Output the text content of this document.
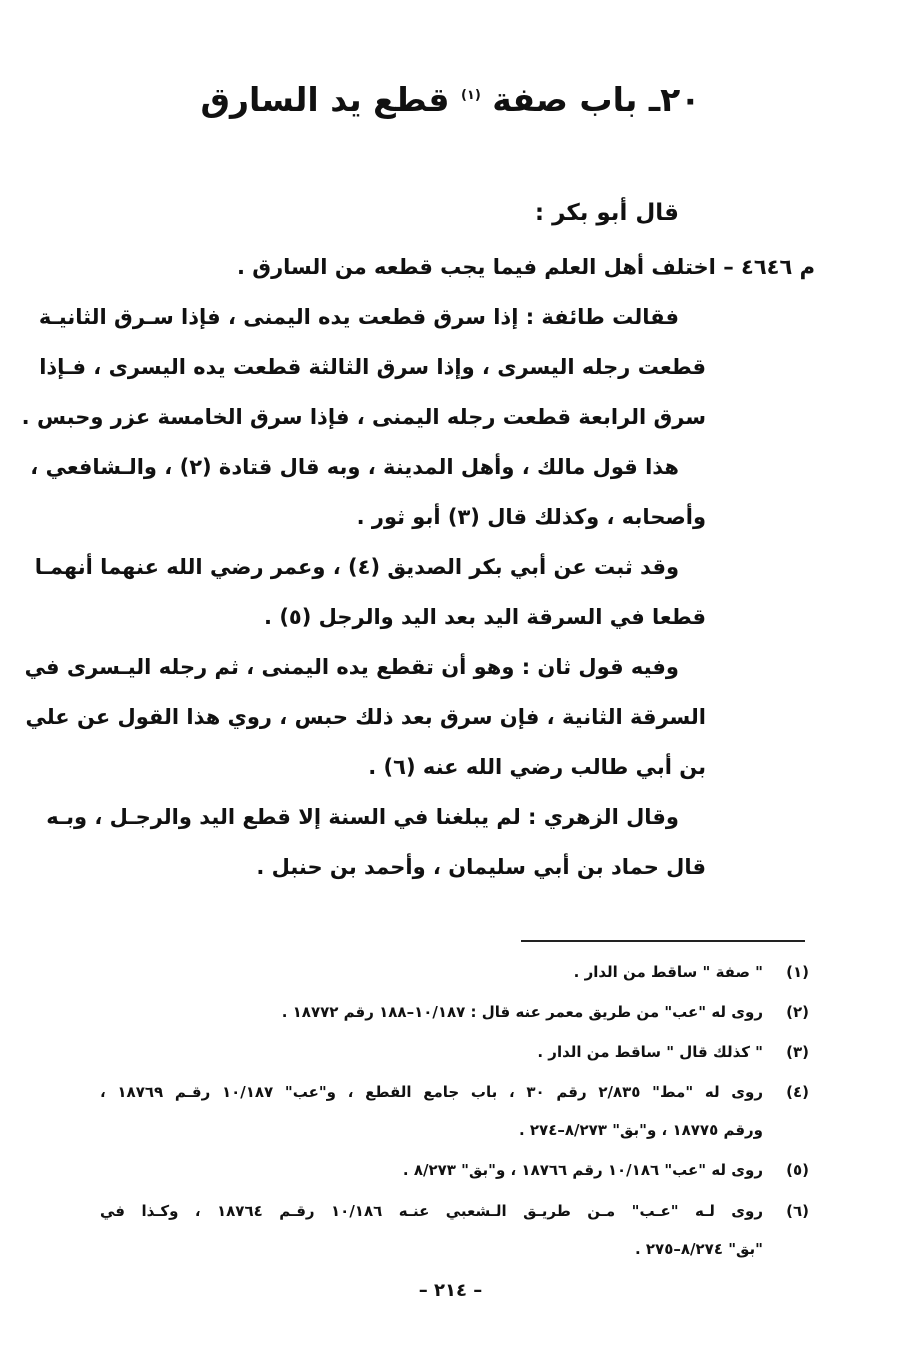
٢٠ـ باب صفة $^{(١)}$ قطع يد السارق
قال أبو بكر :
م ٤٦٤٦ – اختلف أهل العلم فيما يجب قطعه من السارق .
فقالت طائفة : إذا سرق قطعت يده اليمنى ، فإذا سـرق الثانيـة
قطعت رجله اليسرى ، وإذا سرق الثالثة قطعت يده اليسرى ، فـإذا
سرق الرابعة قطعت رجله اليمنى ، فإذا سرق الخامسة عزر وحبس .
هذا قول مالك ، وأهل المدينة ، وبه قال قتادة (٢) ، والـشافعي ،
وأصحابه ، وكذلك قال (٣) أبو ثور .
وقد ثبت عن أبي بكر الصديق (٤) ، وعمر رضي الله عنهما أنهمـا
قطعا في السرقة اليد بعد اليد والرجل (٥) .
وفيه قول ثان : وهو أن تقطع يده اليمنى ، ثم رجله اليـسرى في
السرقة الثانية ، فإن سرق بعد ذلك حبس ، روي هذا القول عن علي
بن أبي طالب رضي الله عنه (٦) .
وقال الزهري : لم يبلغنا في السنة إلا قطع اليد والرجـل ، وبـه
قال حماد بن أبي سليمان ، وأحمد بن حنبل .
(١)
" صفة " ساقط من الدار .
(٢)
روى له "عب" من طريق معمر عنه قال : ١٠/١٨٧–١٨٨ رقم ١٨٧٧٢ .
(٣)
" كذلك قال " ساقط من الدار .
(٤)
روى له "مط" ٢/٨٣٥ رقم ٣٠ ، باب جامع القطع ، و"عب" ١٠/١٨٧ رقـم ١٨٧٦٩ ،
ورقم ١٨٧٧٥ ، و"بق" ٨/٢٧٣–٢٧٤ .
(٥)
روى له "عب" ١٠/١٨٦ رقم ١٨٧٦٦ ، و"بق" ٨/٢٧٣ .
(٦)
روى لـه "عـب" مـن طريـق الـشعبي عنـه ١٠/١٨٦ رقـم ١٨٧٦٤ ، وكـذا في
"بق" ٨/٢٧٤–٢٧٥ .
– ٢١٤ –
